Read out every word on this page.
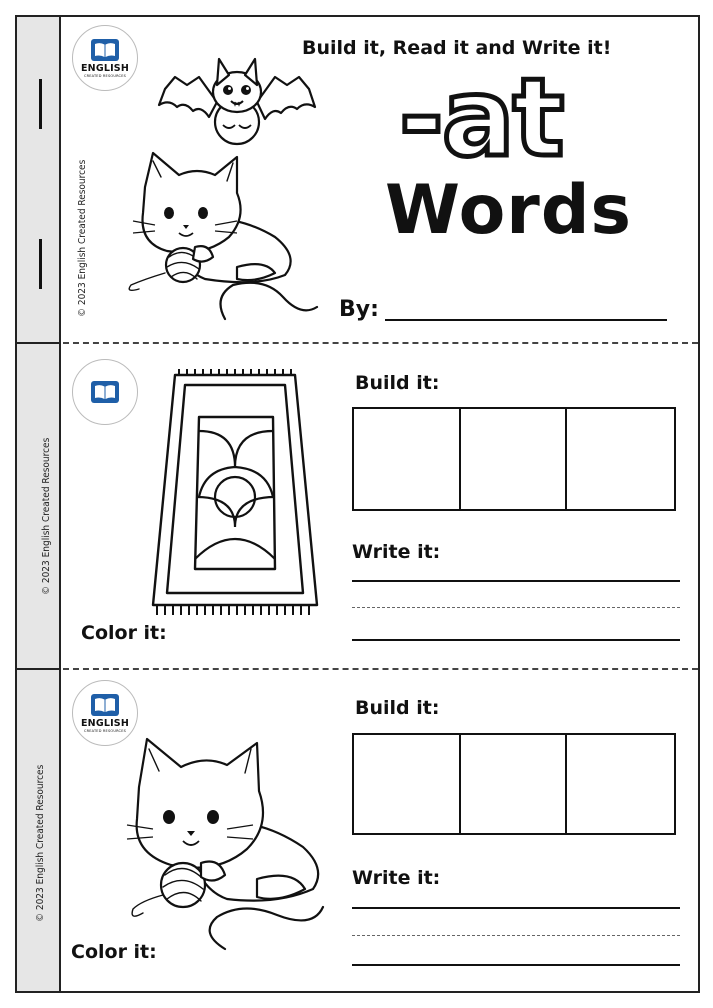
© 2023 English Created Resources
ENGLISH
CREATED RESOURCES
Build it, Read it and Write it!
-at
Words
By:
© 2023 English Created Resources
Build it:
Write it:
Color it:
© 2023 English Created Resources
ENGLISH
CREATED RESOURCES
Build it:
Write it:
Color it:
